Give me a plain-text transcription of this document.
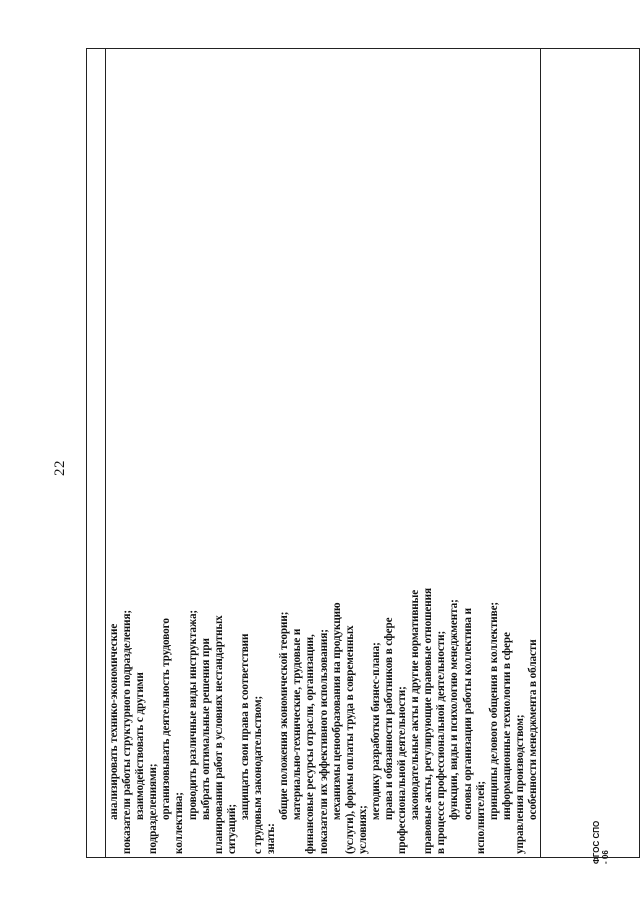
анализировать технико-экономические показатели работы структурного подразделения; взаимодействовать с другими подразделениями; организовывать деятельность трудового
коллектива;
проводить различные виды инструктажа; выбрать оптимальные решения при планировании работ в условиях нестандартных ситуаций;
защищать свои права в соответствии с трудовым законодательством; знать:
общие положения экономической теории; материально-технические, трудовые и финансовые ресурсы отрасли, организации, показатели их эффективного использования; механизмы ценообразования на продукцию (услуги), формы оплаты труда в современных условиях;
методику разработки бизнес-плана; права и обязанности работников в сфере профессиональной деятельности; законодательные акты и другие нормативные правовые акты, регулирующие правовые отношения в процессе профессиональной деятельности; функции, виды и психологию менеджмента; основы организации работы коллектива и исполнителей; принципы делового общения в коллективе; информационные технологии в сфере управления производством; особенности менеджмента в области

22
ФГОС СПО - 06
